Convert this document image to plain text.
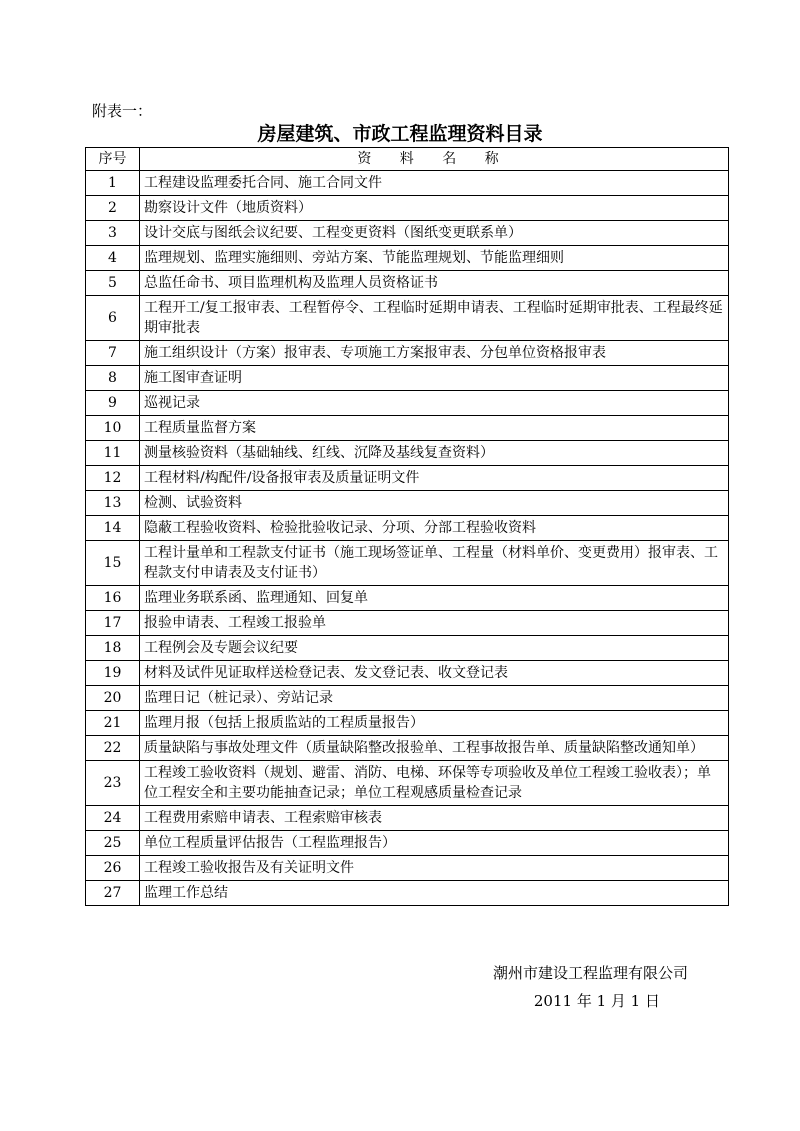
附表一：
房屋建筑、市政工程监理资料目录
序号	资 料 名 称
1	工程建设监理委托合同、施工合同文件
2	勘察设计文件（地质资料）
3	设计交底与图纸会议纪要、工程变更资料（图纸变更联系单）
4	监理规划、监理实施细则、旁站方案、节能监理规划、节能监理细则
5	总监任命书、项目监理机构及监理人员资格证书
6	工程开工/复工报审表、工程暂停令、工程临时延期申请表、工程临时延期审批表、工程最终延期审批表
7	施工组织设计（方案）报审表、专项施工方案报审表、分包单位资格报审表
8	施工图审查证明
9	巡视记录
10	工程质量监督方案
11	测量核验资料（基础轴线、红线、沉降及基线复查资料）
12	工程材料/构配件/设备报审表及质量证明文件
13	检测、试验资料
14	隐蔽工程验收资料、检验批验收记录、分项、分部工程验收资料
15	工程计量单和工程款支付证书（施工现场签证单、工程量（材料单价、变更费用）报审表、工程款支付申请表及支付证书）
16	监理业务联系函、监理通知、回复单
17	报验申请表、工程竣工报验单
18	工程例会及专题会议纪要
19	材料及试件见证取样送检登记表、发文登记表、收文登记表
20	监理日记（桩记录）、旁站记录
21	监理月报（包括上报质监站的工程质量报告）
22	质量缺陷与事故处理文件（质量缺陷整改报验单、工程事故报告单、质量缺陷整改通知单）
23	工程竣工验收资料（规划、避雷、消防、电梯、环保等专项验收及单位工程竣工验收表）；单位工程安全和主要功能抽查记录；单位工程观感质量检查记录
24	工程费用索赔申请表、工程索赔审核表
25	单位工程质量评估报告（工程监理报告）
26	工程竣工验收报告及有关证明文件
27	监理工作总结
潮州市建设工程监理有限公司
2011 年 1 月 1 日
